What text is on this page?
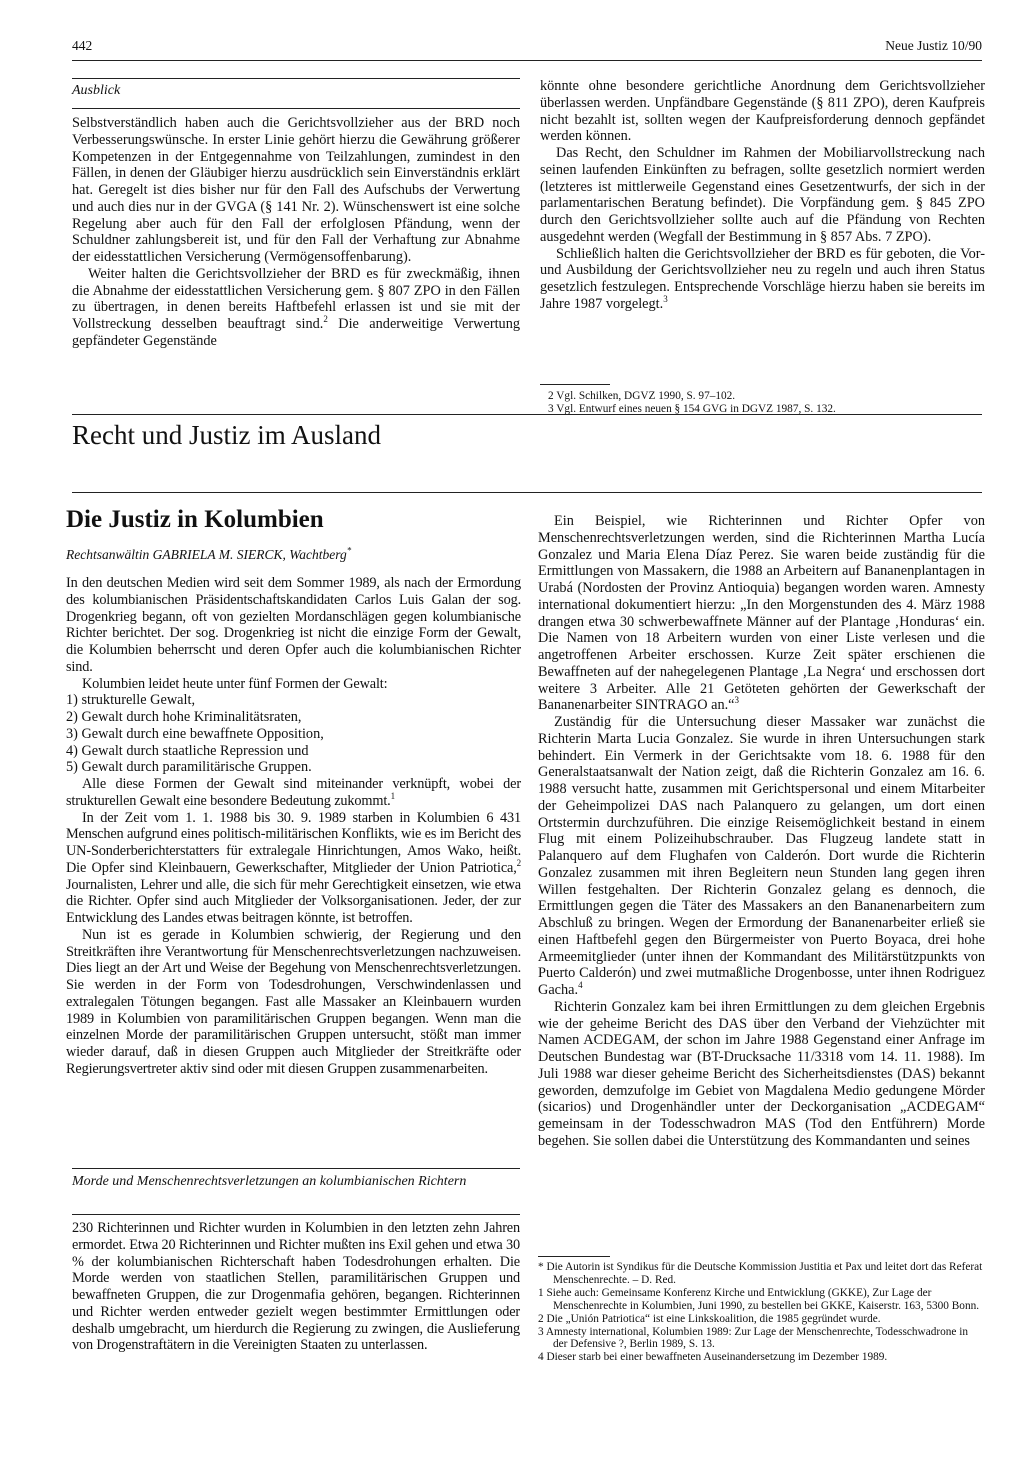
442	Neue Justiz 10/90

Ausblick

Selbstverständlich haben auch die Gerichtsvollzieher aus der BRD noch Verbesserungswünsche. In erster Linie gehört hierzu die Gewährung größerer Kompetenzen in der Entgegennahme von Teilzahlungen, zumindest in den Fällen, in denen der Gläubiger hierzu ausdrücklich sein Einverständnis erklärt hat. Geregelt ist dies bisher nur für den Fall des Aufschubs der Verwertung und auch dies nur in der GVGA (§ 141 Nr. 2). Wünschenswert ist eine solche Regelung aber auch für den Fall der erfolglosen Pfändung, wenn der Schuldner zahlungsbereit ist, und für den Fall der Verhaftung zur Abnahme der eidesstattlichen Versicherung (Vermögensoffenbarung).

Weiter halten die Gerichtsvollzieher der BRD es für zweckmäßig, ihnen die Abnahme der eidesstattlichen Versicherung gem. § 807 ZPO in den Fällen zu übertragen, in denen bereits Haftbefehl erlassen ist und sie mit der Vollstreckung desselben beauftragt sind.$^2$ Die anderweitige Verwertung gepfändeter Gegenstände

könnte ohne besondere gerichtliche Anordnung dem Gerichtsvollzieher überlassen werden. Unpfändbare Gegenstände (§ 811 ZPO), deren Kaufpreis nicht bezahlt ist, sollten wegen der Kaufpreisforderung dennoch gepfändet werden können.

Das Recht, den Schuldner im Rahmen der Mobiliarvollstreckung nach seinen laufenden Einkünften zu befragen, sollte gesetzlich normiert werden (letzteres ist mittlerweile Gegenstand eines Gesetzentwurfs, der sich in der parlamentarischen Beratung befindet). Die Vorpfändung gem. § 845 ZPO durch den Gerichtsvollzieher sollte auch auf die Pfändung von Rechten ausgedehnt werden (Wegfall der Bestimmung in § 857 Abs. 7 ZPO).

Schließlich halten die Gerichtsvollzieher der BRD es für geboten, die Vor- und Ausbildung der Gerichtsvollzieher neu zu regeln und auch ihren Status gesetzlich festzulegen. Entsprechende Vorschläge hierzu haben sie bereits im Jahre 1987 vorgelegt.$^3$

2 Vgl. Schilken, DGVZ 1990, S. 97–102.

3 Vgl. Entwurf eines neuen § 154 GVG in DGVZ 1987, S. 132.

Recht und Justiz im Ausland
Die Justiz in Kolumbien

Rechtsanwältin GABRIELA M. SIERCK, Wachtberg*

In den deutschen Medien wird seit dem Sommer 1989, als nach der Ermordung des kolumbianischen Präsidentschaftskandidaten Carlos Luis Galan der sog. Drogenkrieg begann, oft von gezielten Mordanschlägen gegen kolumbianische Richter berichtet. Der sog. Drogenkrieg ist nicht die einzige Form der Gewalt, die Kolumbien beherrscht und deren Opfer auch die kolumbianischen Richter sind.

Kolumbien leidet heute unter fünf Formen der Gewalt:

1) strukturelle Gewalt,

2) Gewalt durch hohe Kriminalitätsraten,

3) Gewalt durch eine bewaffnete Opposition,

4) Gewalt durch staatliche Repression und

5) Gewalt durch paramilitärische Gruppen.

Alle diese Formen der Gewalt sind miteinander verknüpft, wobei der strukturellen Gewalt eine besondere Bedeutung zukommt.$^1$

In der Zeit vom 1. 1. 1988 bis 30. 9. 1989 starben in Kolumbien 6 431 Menschen aufgrund eines politisch-militärischen Konflikts, wie es im Bericht des UN-Sonderberichterstatters für extralegale Hinrichtungen, Amos Wako, heißt. Die Opfer sind Kleinbauern, Gewerkschafter, Mitglieder der Union Patriotica,$^2$ Journalisten, Lehrer und alle, die sich für mehr Gerechtigkeit einsetzen, wie etwa die Richter. Opfer sind auch Mitglieder der Volksorganisationen. Jeder, der zur Entwicklung des Landes etwas beitragen könnte, ist betroffen.

Nun ist es gerade in Kolumbien schwierig, der Regierung und den Streitkräften ihre Verantwortung für Menschenrechtsverletzungen nachzuweisen. Dies liegt an der Art und Weise der Begehung von Menschenrechtsverletzungen. Sie werden in der Form von Todesdrohungen, Verschwindenlassen und extralegalen Tötungen begangen. Fast alle Massaker an Kleinbauern wurden 1989 in Kolumbien von paramilitärischen Gruppen begangen. Wenn man die einzelnen Morde der paramilitärischen Gruppen untersucht, stößt man immer wieder darauf, daß in diesen Gruppen auch Mitglieder der Streitkräfte oder Regierungsvertreter aktiv sind oder mit diesen Gruppen zusammenarbeiten.

Morde und Menschenrechtsverletzungen an kolumbianischen Richtern

230 Richterinnen und Richter wurden in Kolumbien in den letzten zehn Jahren ermordet. Etwa 20 Richterinnen und Richter mußten ins Exil gehen und etwa 30 % der kolumbianischen Richterschaft haben Todesdrohungen erhalten. Die Morde werden von staatlichen Stellen, paramilitärischen Gruppen und bewaffneten Gruppen, die zur Drogenmafia gehören, begangen. Richterinnen und Richter werden entweder gezielt wegen bestimmter Ermittlungen oder deshalb umgebracht, um hierdurch die Regierung zu zwingen, die Auslieferung von Drogenstraftätern in die Vereinigten Staaten zu unterlassen.

Ein Beispiel, wie Richterinnen und Richter Opfer von Menschenrechtsverletzungen werden, sind die Richterinnen Martha Lucía Gonzalez und Maria Elena Díaz Perez. Sie waren beide zuständig für die Ermittlungen von Massakern, die 1988 an Arbeitern auf Bananenplantagen in Urabá (Nordosten der Provinz Antioquia) begangen worden waren. Amnesty international dokumentiert hierzu: „In den Morgenstunden des 4. März 1988 drangen etwa 30 schwerbewaffnete Männer auf der Plantage ‚Honduras‘ ein. Die Namen von 18 Arbeitern wurden von einer Liste verlesen und die angetroffenen Arbeiter erschossen. Kurze Zeit später erschienen die Bewaffneten auf der nahegelegenen Plantage ‚La Negra‘ und erschossen dort weitere 3 Arbeiter. Alle 21 Getöteten gehörten der Gewerkschaft der Bananenarbeiter SINTRAGO an.“$^3$

Zuständig für die Untersuchung dieser Massaker war zunächst die Richterin Marta Lucia Gonzalez. Sie wurde in ihren Untersuchungen stark behindert. Ein Vermerk in der Gerichtsakte vom 18. 6. 1988 für den Generalstaatsanwalt der Nation zeigt, daß die Richterin Gonzalez am 16. 6. 1988 versucht hatte, zusammen mit Gerichtspersonal und einem Mitarbeiter der Geheimpolizei DAS nach Palanquero zu gelangen, um dort einen Ortstermin durchzuführen. Die einzige Reisemöglichkeit bestand in einem Flug mit einem Polizeihubschrauber. Das Flugzeug landete statt in Palanquero auf dem Flughafen von Calderón. Dort wurde die Richterin Gonzalez zusammen mit ihren Begleitern neun Stunden lang gegen ihren Willen festgehalten. Der Richterin Gonzalez gelang es dennoch, die Ermittlungen gegen die Täter des Massakers an den Bananenarbeitern zum Abschluß zu bringen. Wegen der Ermordung der Bananenarbeiter erließ sie einen Haftbefehl gegen den Bürgermeister von Puerto Boyaca, drei hohe Armeemitglieder (unter ihnen der Kommandant des Militärstützpunkts von Puerto Calderón) und zwei mutmaßliche Drogenbosse, unter ihnen Rodriguez Gacha.$^4$

Richterin Gonzalez kam bei ihren Ermittlungen zu dem gleichen Ergebnis wie der geheime Bericht des DAS über den Verband der Viehzüchter mit Namen ACDEGAM, der schon im Jahre 1988 Gegenstand einer Anfrage im Deutschen Bundestag war (BT-Drucksache 11/3318 vom 14. 11. 1988). Im Juli 1988 war dieser geheime Bericht des Sicherheitsdienstes (DAS) bekannt geworden, demzufolge im Gebiet von Magdalena Medio gedungene Mörder (sicarios) und Drogenhändler unter der Deckorganisation „ACDEGAM“ gemeinsam in der Todesschwadron MAS (Tod den Entführern) Morde begehen. Sie sollen dabei die Unterstützung des Kommandanten und seines

* Die Autorin ist Syndikus für die Deutsche Kommission Justitia et Pax und leitet dort das Referat Menschenrechte. – D. Red.

1 Siehe auch: Gemeinsame Konferenz Kirche und Entwicklung (GKKE), Zur Lage der Menschenrechte in Kolumbien, Juni 1990, zu bestellen bei GKKE, Kaiserstr. 163, 5300 Bonn.

2 Die „Unión Patriotica“ ist eine Linkskoalition, die 1985 gegründet wurde.

3 Amnesty international, Kolumbien 1989: Zur Lage der Menschenrechte, Todesschwadrone in der Defensive ?, Berlin 1989, S. 13.

4 Dieser starb bei einer bewaffneten Auseinandersetzung im Dezember 1989.
